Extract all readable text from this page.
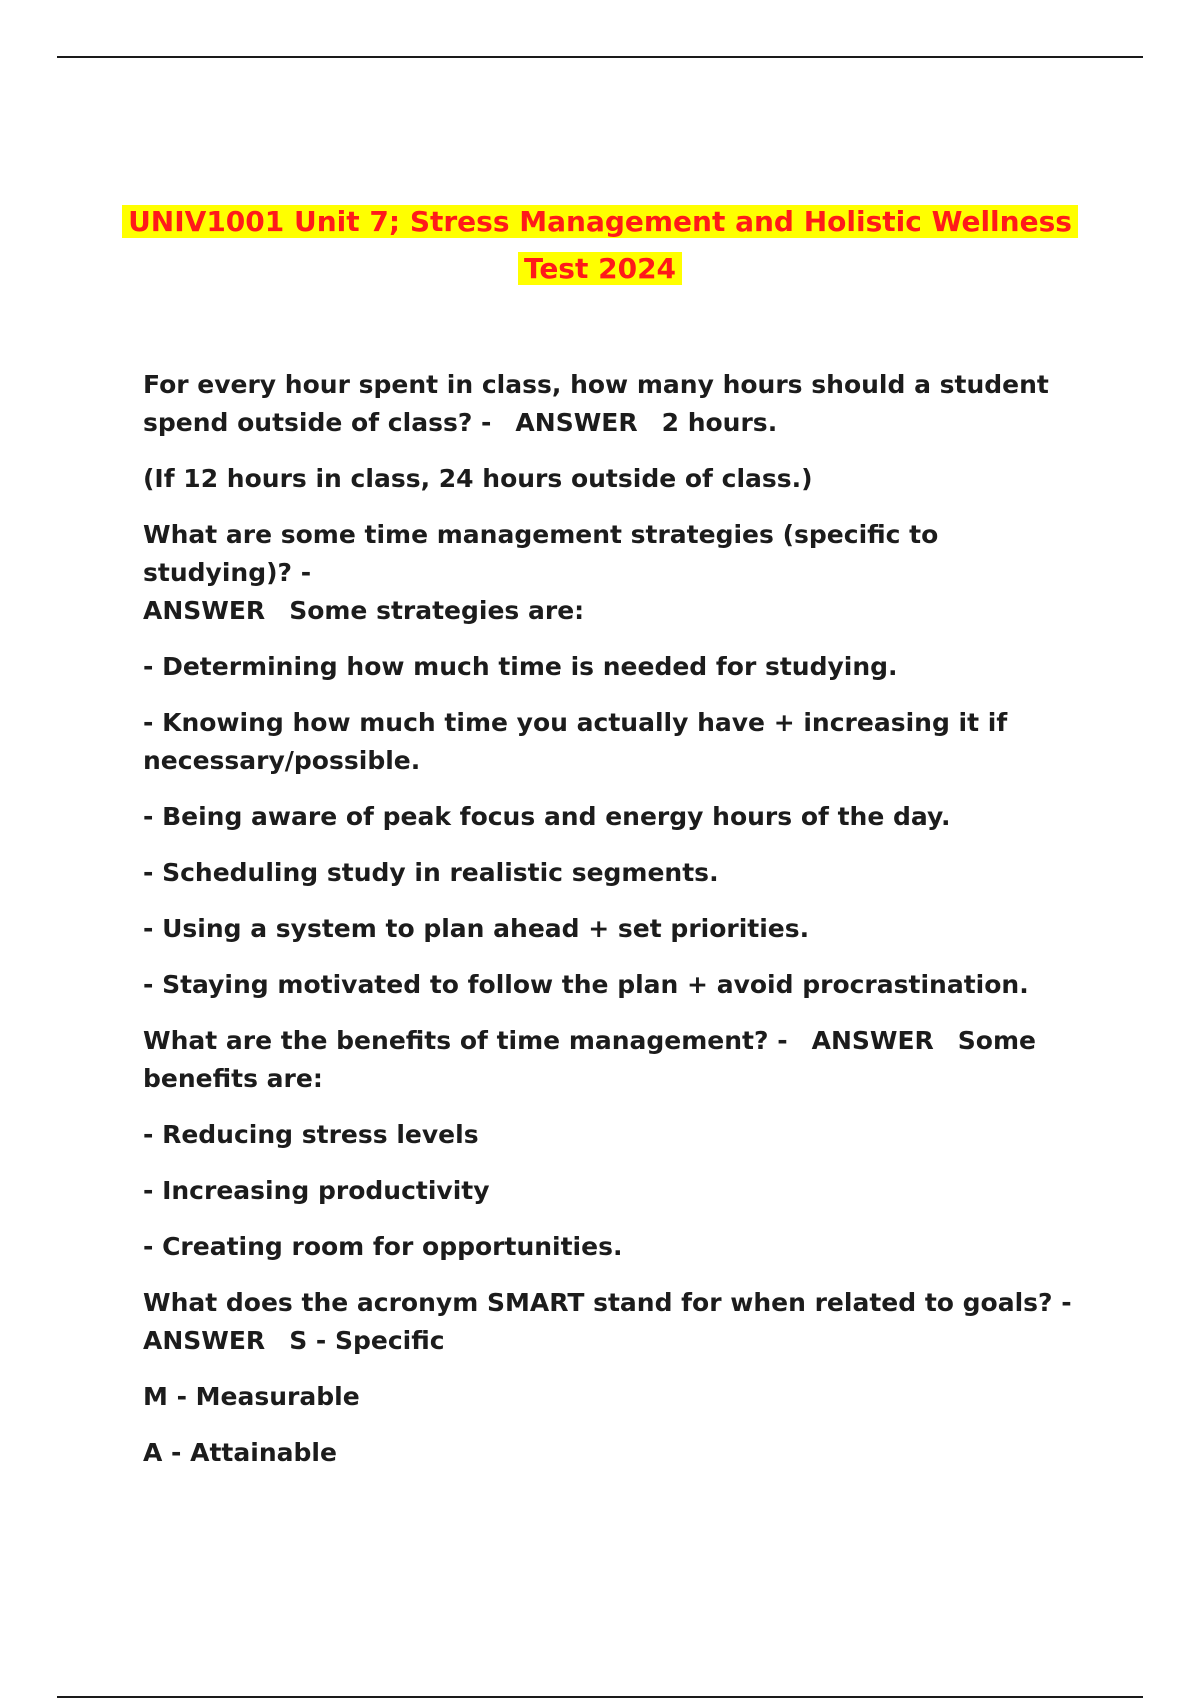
UNIV1001 Unit 7; Stress Management and Holistic Wellness
Test 2024

For every hour spent in class, how many hours should a student spend outside of class? - ANSWER 2 hours.

(If 12 hours in class, 24 hours outside of class.)

What are some time management strategies (specific to studying)? -
ANSWER Some strategies are:

- Determining how much time is needed for studying.

- Knowing how much time you actually have + increasing it if necessary/possible.

- Being aware of peak focus and energy hours of the day.

- Scheduling study in realistic segments.

- Using a system to plan ahead + set priorities.

- Staying motivated to follow the plan + avoid procrastination.

What are the benefits of time management? - ANSWER Some benefits are:

- Reducing stress levels

- Increasing productivity

- Creating room for opportunities.

What does the acronym SMART stand for when related to goals? -
ANSWER S - Specific

M - Measurable

A - Attainable
